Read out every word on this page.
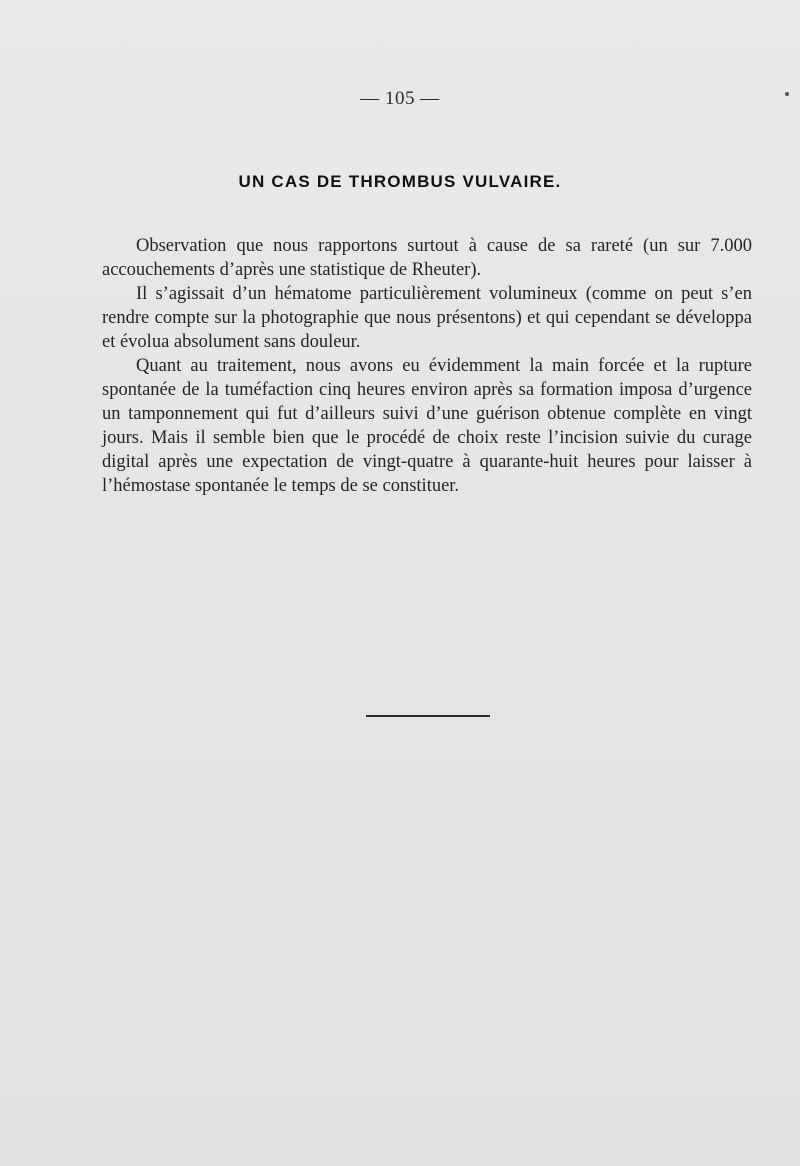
— 105 —
UN CAS DE THROMBUS VULVAIRE.

Observation que nous rapportons surtout à cause de sa rareté (un sur 7.000 accouchements d’après une statistique de Rheuter).

Il s’agissait d’un hématome particulièrement volumineux (comme on peut s’en rendre compte sur la photographie que nous présentons) et qui cependant se développa et évolua absolument sans douleur.

Quant au traitement, nous avons eu évidemment la main forcée et la rupture spontanée de la tuméfaction cinq heures environ après sa formation imposa d’urgence un tamponnement qui fut d’ailleurs suivi d’une guérison obtenue complète en vingt jours. Mais il semble bien que le procédé de choix reste l’incision suivie du curage digital après une expectation de vingt-quatre à quarante-huit heures pour laisser à l’hémostase spontanée le temps de se constituer.
